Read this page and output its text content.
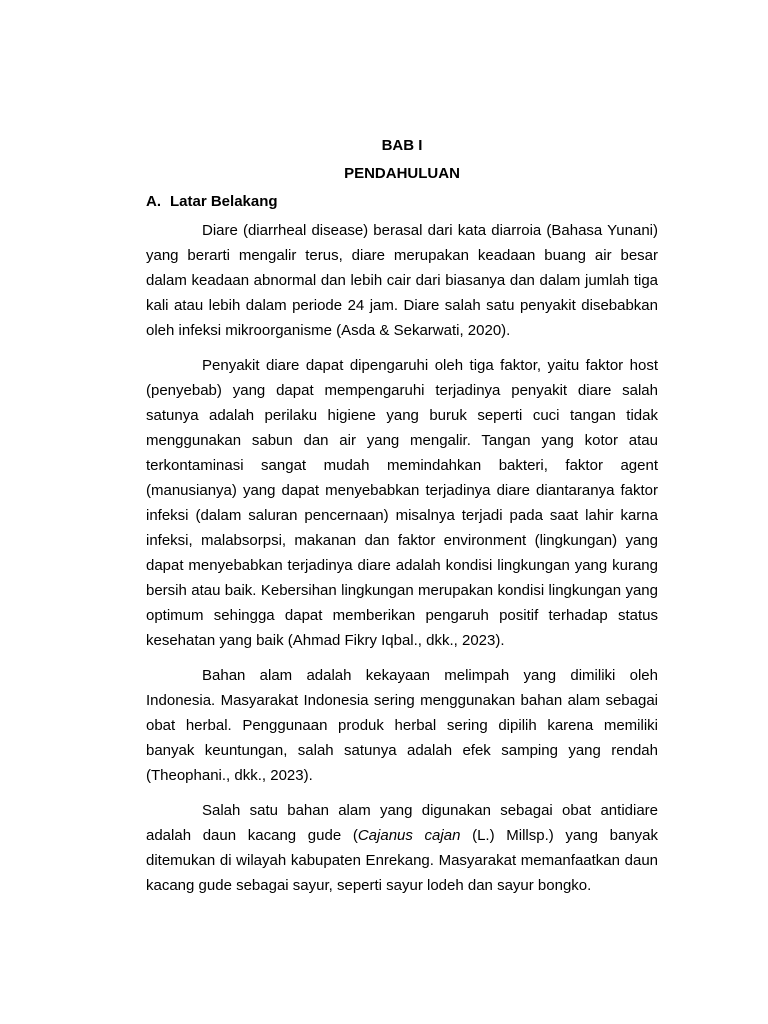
BAB I
PENDAHULUAN
A. Latar Belakang

Diare (diarrheal disease) berasal dari kata diarroia (Bahasa Yunani) yang berarti mengalir terus, diare merupakan keadaan buang air besar dalam keadaan abnormal dan lebih cair dari biasanya dan dalam jumlah tiga kali atau lebih dalam periode 24 jam. Diare salah satu penyakit disebabkan oleh infeksi mikroorganisme (Asda & Sekarwati, 2020).

Penyakit diare dapat dipengaruhi oleh tiga faktor, yaitu faktor host (penyebab) yang dapat mempengaruhi terjadinya penyakit diare salah satunya adalah perilaku higiene yang buruk seperti cuci tangan tidak menggunakan sabun dan air yang mengalir. Tangan yang kotor atau terkontaminasi sangat mudah memindahkan bakteri, faktor agent (manusianya) yang dapat menyebabkan terjadinya diare diantaranya faktor infeksi (dalam saluran pencernaan) misalnya terjadi pada saat lahir karna infeksi, malabsorpsi, makanan dan faktor environment (lingkungan) yang dapat menyebabkan terjadinya diare adalah kondisi lingkungan yang kurang bersih atau baik. Kebersihan lingkungan merupakan kondisi lingkungan yang optimum sehingga dapat memberikan pengaruh positif terhadap status kesehatan yang baik (Ahmad Fikry Iqbal., dkk., 2023).

Bahan alam adalah kekayaan melimpah yang dimiliki oleh Indonesia. Masyarakat Indonesia sering menggunakan bahan alam sebagai obat herbal. Penggunaan produk herbal sering dipilih karena memiliki banyak keuntungan, salah satunya adalah efek samping yang rendah (Theophani., dkk., 2023).

Salah satu bahan alam yang digunakan sebagai obat antidiare adalah daun kacang gude (Cajanus cajan (L.) Millsp.) yang banyak ditemukan di wilayah kabupaten Enrekang. Masyarakat memanfaatkan daun kacang gude sebagai sayur, seperti sayur lodeh dan sayur bongko.
